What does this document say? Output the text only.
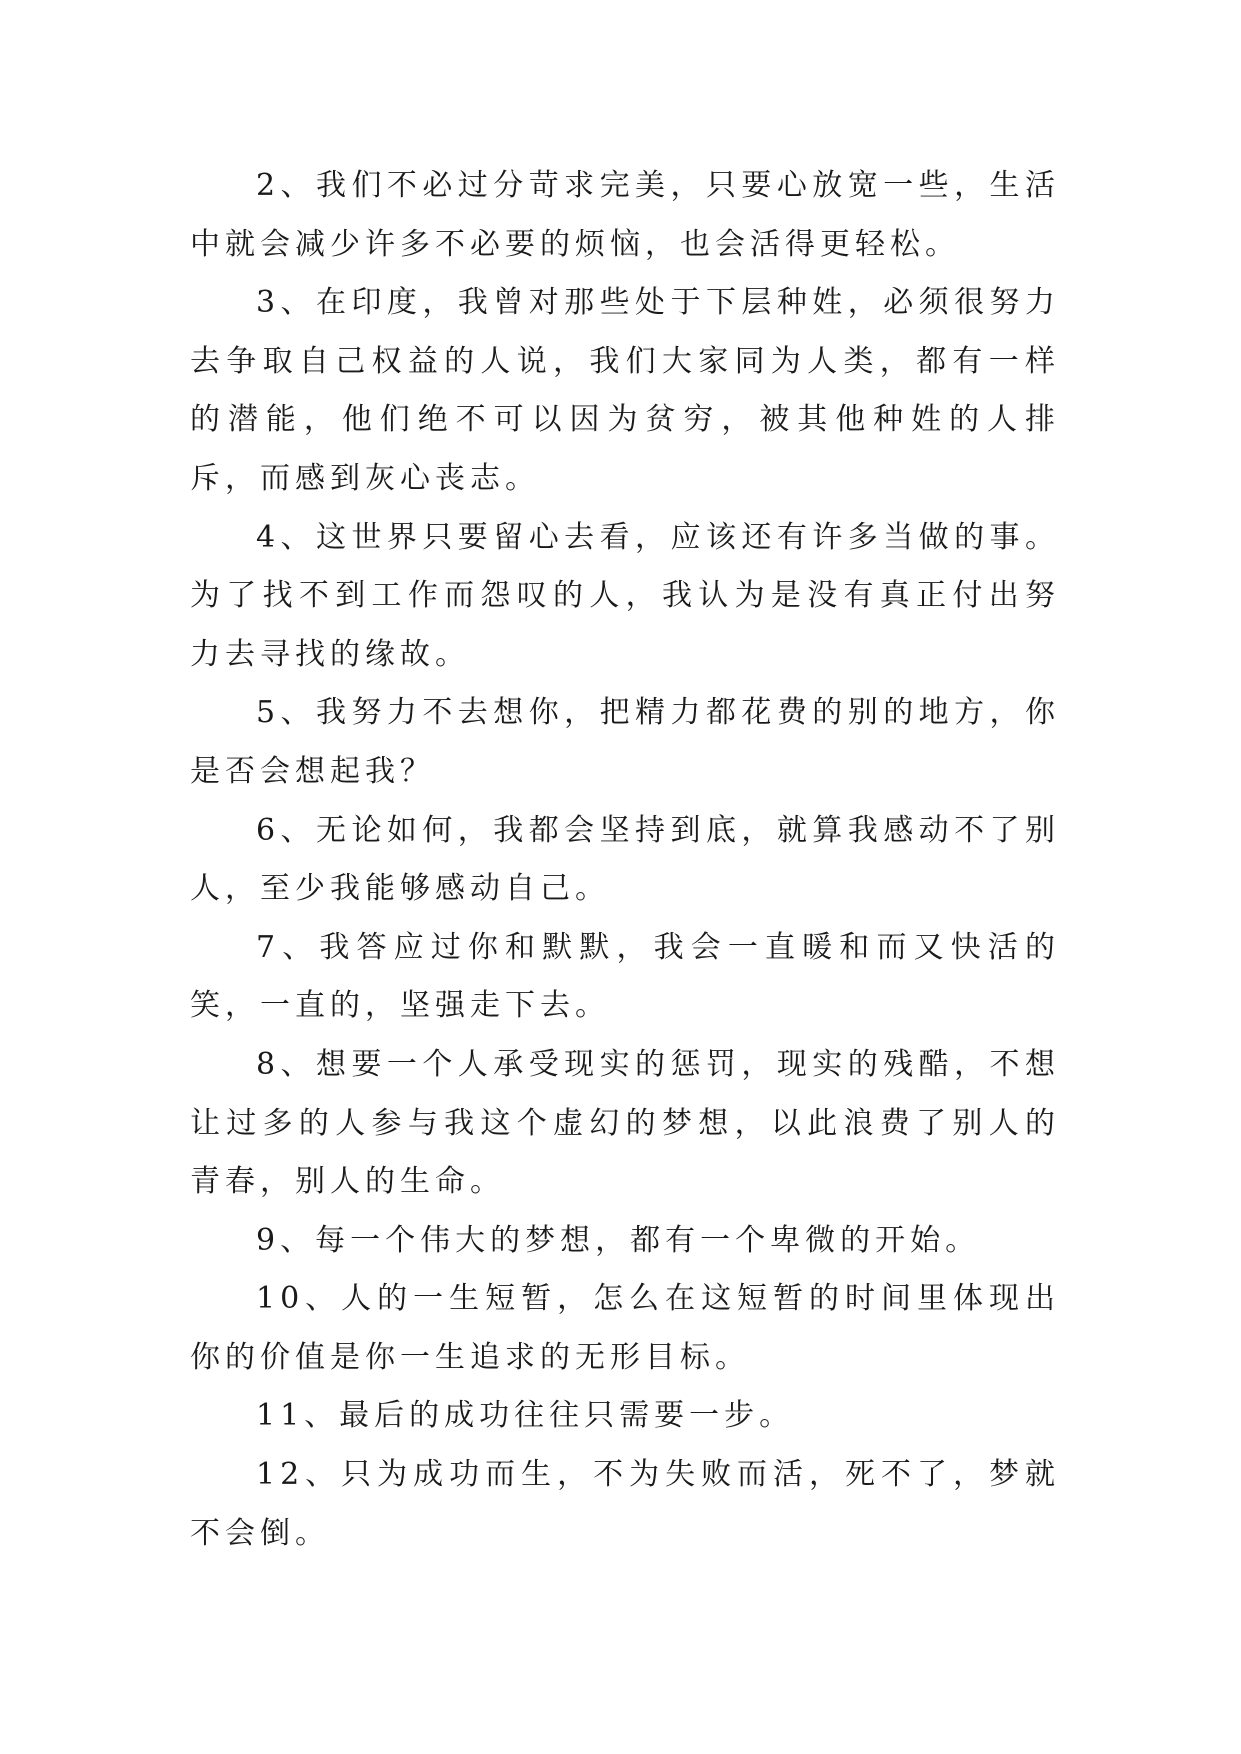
2、我们不必过分苛求完美，只要心放宽一些，生活中就会减少许多不必要的烦恼，也会活得更轻松。

3、在印度，我曾对那些处于下层种姓，必须很努力去争取自己权益的人说，我们大家同为人类，都有一样的潜能，他们绝不可以因为贫穷，被其他种姓的人排斥，而感到灰心丧志。

4、这世界只要留心去看，应该还有许多当做的事。为了找不到工作而怨叹的人，我认为是没有真正付出努力去寻找的缘故。

5、我努力不去想你，把精力都花费的别的地方，你是否会想起我？

6、无论如何，我都会坚持到底，就算我感动不了别人，至少我能够感动自己。

7、我答应过你和默默，我会一直暖和而又快活的笑，一直的，坚强走下去。

8、想要一个人承受现实的惩罚，现实的残酷，不想让过多的人参与我这个虚幻的梦想，以此浪费了别人的青春，别人的生命。

9、每一个伟大的梦想，都有一个卑微的开始。

10、人的一生短暂，怎么在这短暂的时间里体现出你的价值是你一生追求的无形目标。

11、最后的成功往往只需要一步。

12、只为成功而生，不为失败而活，死不了，梦就不会倒。
